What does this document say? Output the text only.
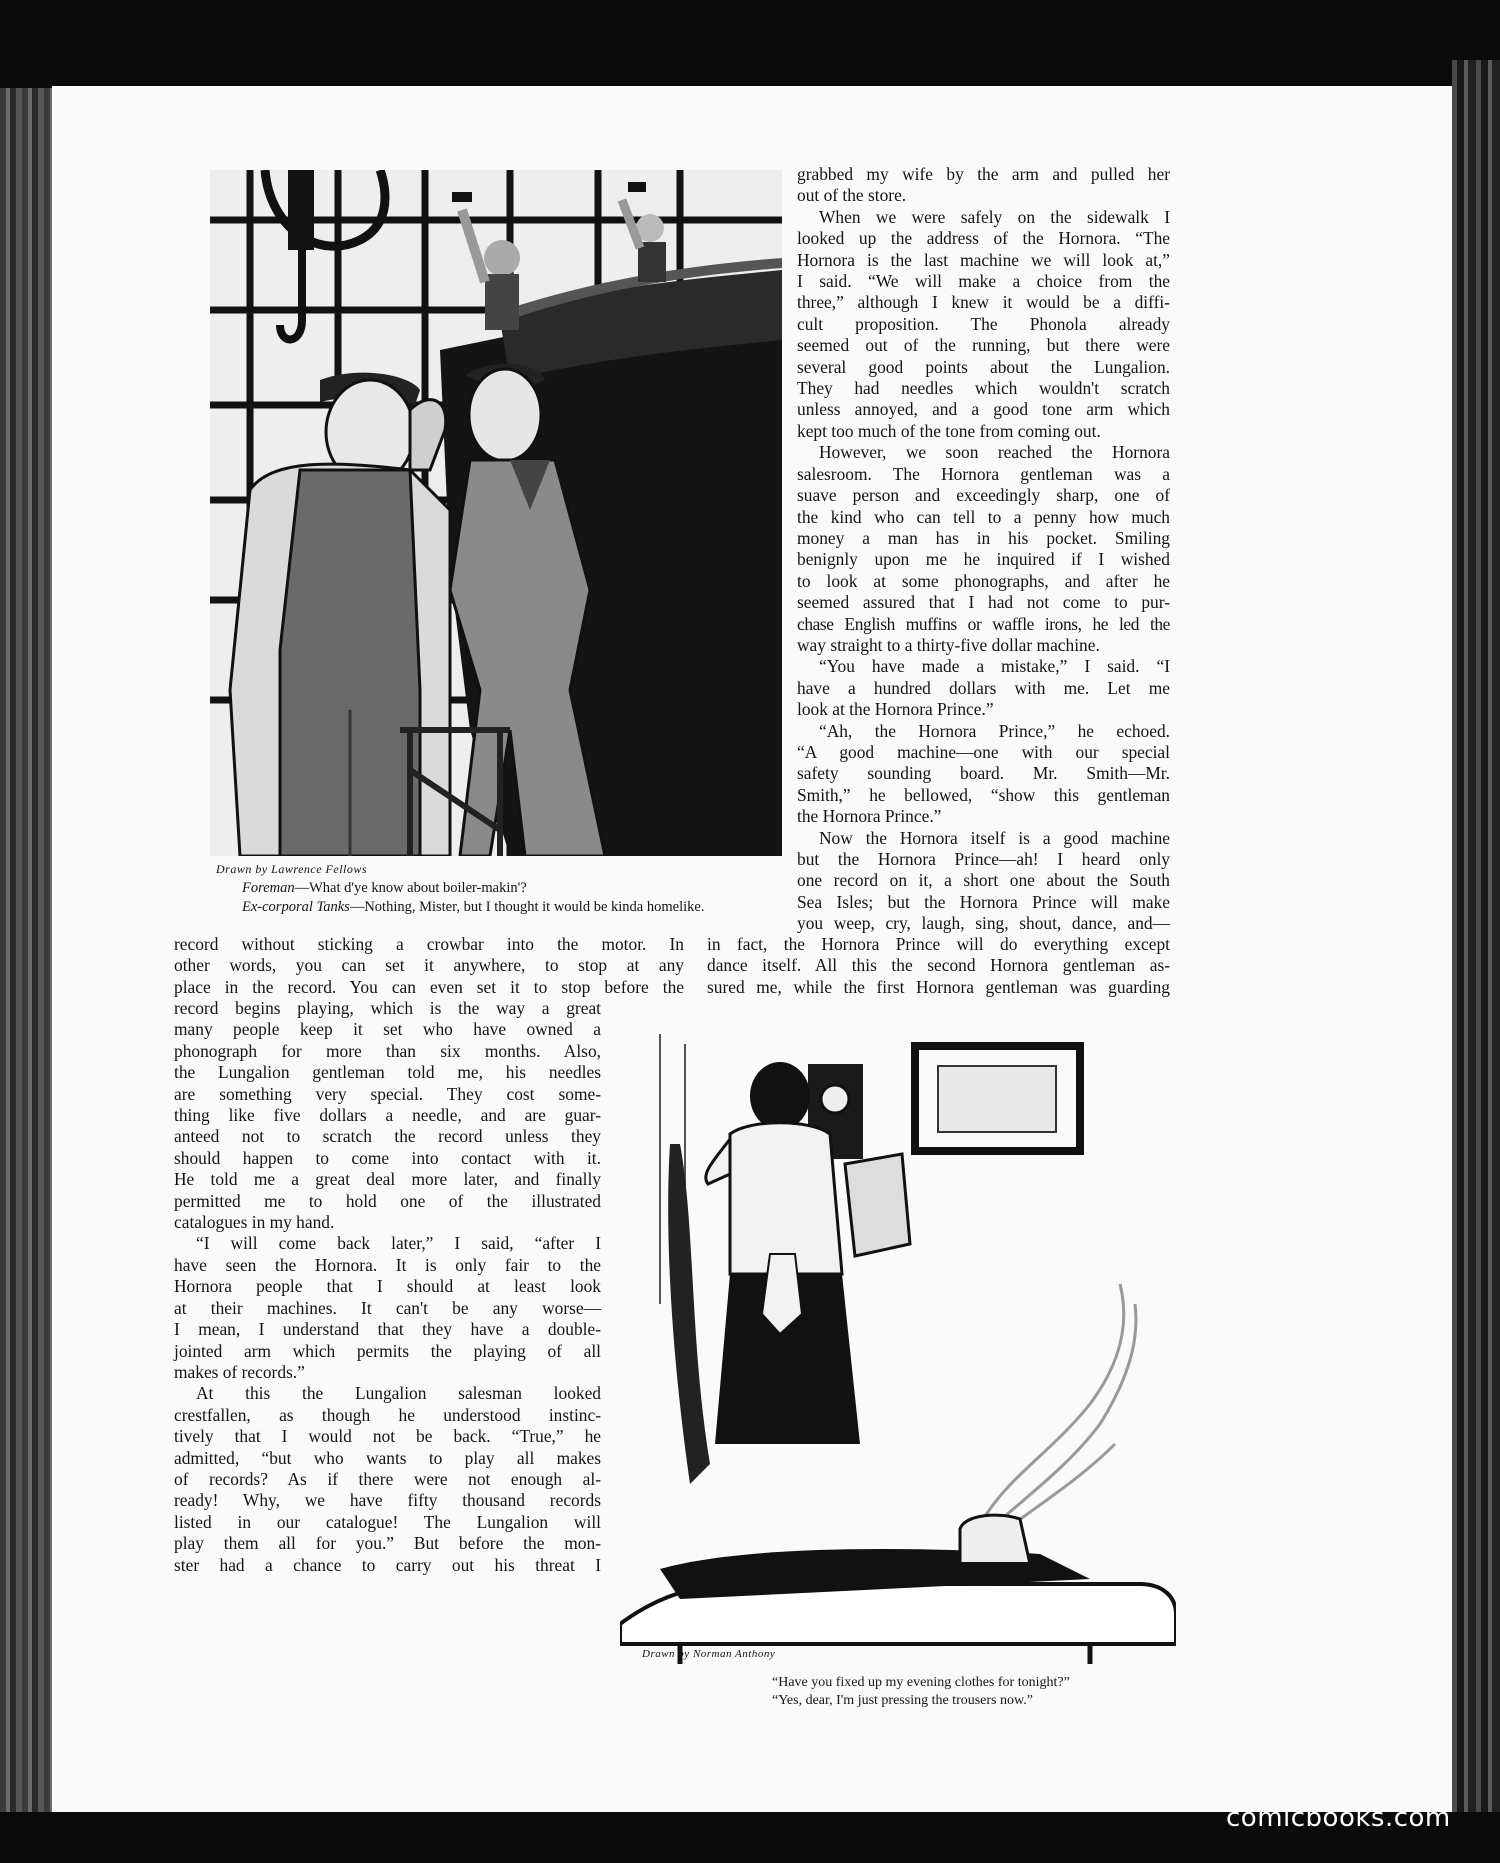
Drawn by Lawrence Fellows
Foreman—What d'ye know about boiler-makin'?
Ex-corporal Tanks—Nothing, Mister, but I thought it would be kinda homelike.
grabbed my wife by the arm and pulled her
out of the store.
When we were safely on the sidewalk I
looked up the address of the Hornora. “The
Hornora is the last machine we will look at,”
I said. “We will make a choice from the
three,” although I knew it would be a diffi-
cult proposition. The Phonola already
seemed out of the running, but there were
several good points about the Lungalion.
They had needles which wouldn't scratch
unless annoyed, and a good tone arm which
kept too much of the tone from coming out.
However, we soon reached the Hornora
salesroom. The Hornora gentleman was a
suave person and exceedingly sharp, one of
the kind who can tell to a penny how much
money a man has in his pocket. Smiling
benignly upon me he inquired if I wished
to look at some phonographs, and after he
seemed assured that I had not come to pur-
chase English muffins or waffle irons, he led the
way straight to a thirty-five dollar machine.
“You have made a mistake,” I said. “I
have a hundred dollars with me. Let me
look at the Hornora Prince.”
“Ah, the Hornora Prince,” he echoed.
“A good machine—one with our special
safety sounding board. Mr. Smith—Mr.
Smith,” he bellowed, “show this gentleman
the Hornora Prince.”
Now the Hornora itself is a good machine
but the Hornora Prince—ah! I heard only
one record on it, a short one about the South
Sea Isles; but the Hornora Prince will make
you weep, cry, laugh, sing, shout, dance, and—
in fact, the Hornora Prince will do everything except
dance itself. All this the second Hornora gentleman as-
sured me, while the first Hornora gentleman was guarding
record without sticking a crowbar into the motor. In
other words, you can set it anywhere, to stop at any
place in the record. You can even set it to stop before the
record begins playing, which is the way a great
many people keep it set who have owned a
phonograph for more than six months. Also,
the Lungalion gentleman told me, his needles
are something very special. They cost some-
thing like five dollars a needle, and are guar-
anteed not to scratch the record unless they
should happen to come into contact with it.
He told me a great deal more later, and finally
permitted me to hold one of the illustrated
catalogues in my hand.
“I will come back later,” I said, “after I
have seen the Hornora. It is only fair to the
Hornora people that I should at least look
at their machines. It can't be any worse—
I mean, I understand that they have a double-
jointed arm which permits the playing of all
makes of records.”
At this the Lungalion salesman looked
crestfallen, as though he understood instinc-
tively that I would not be back. “True,” he
admitted, “but who wants to play all makes
of records? As if there were not enough al-
ready! Why, we have fifty thousand records
listed in our catalogue! The Lungalion will
play them all for you.” But before the mon-
ster had a chance to carry out his threat I
Drawn by Norman Anthony
“Have you fixed up my evening clothes for tonight?”
“Yes, dear, I'm just pressing the trousers now.”
comicbooks.com
